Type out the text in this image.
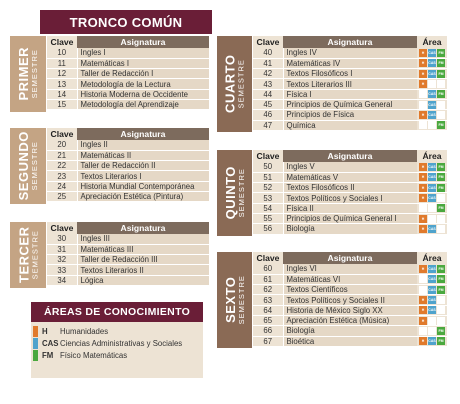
TRONCO COMÚN
PRIMER SEMESTRE
Clave	Asignatura
10	Ingles I
11	Matemáticas I
12	Taller de Redacción I
13	Metodología de la Lectura
14	Historia Moderna de Occidente
15	Metodología del Aprendizaje
SEGUNDO SEMESTRE
Clave	Asignatura
20	Ingles II
21	Matemáticas II
22	Taller de Redacción II
23	Textos Literarios I
24	Historia Mundial Contemporánea
25	Apreciación Estética (Pintura)
TERCER SEMESTRE
Clave	Asignatura
30	Ingles III
31	Matemáticas III
32	Taller de Redacción III
33	Textos Literarios II
34	Lógica
CUARTO SEMESTRE
Clave	Asignatura	Área
40	Ingles IV	H CAS FM

41	Matemáticas IV	H CAS FM

42	Textos Filosóficos I	H CAS FM

43	Textos Literarios III	H

44	Física I	CAS FM

45	Principios de Química General	CAS

46	Principios de Física	H CAS

47	Química	FM
QUINTO SEMESTRE
Clave	Asignatura	Área
50	Ingles V	H CAS FM

51	Matemáticas V	H CAS FM

52	Textos Filosóficos II	H CAS FM

53	Textos Políticos y Sociales I	H CAS

54	Física II	FM

55	Principios de Química General I	H

56	Biología	H CAS
SEXTO SEMESTRE
Clave	Asignatura	Área
60	Ingles VI	H CAS FM

61	Matemáticas VI	CAS FM

62	Textos Científicos	CAS FM

63	Textos Políticos y Sociales II	H CAS

64	Historia de México Siglo XX	H CAS

65	Apreciación Estética (Música)	H

66	Biología	FM

67	Bioética	H CAS FM
ÁREAS DE CONOCIMIENTO
H	Humanidades
CAS Ciencias Administrativas y Sociales
FM Físico Matemáticas
